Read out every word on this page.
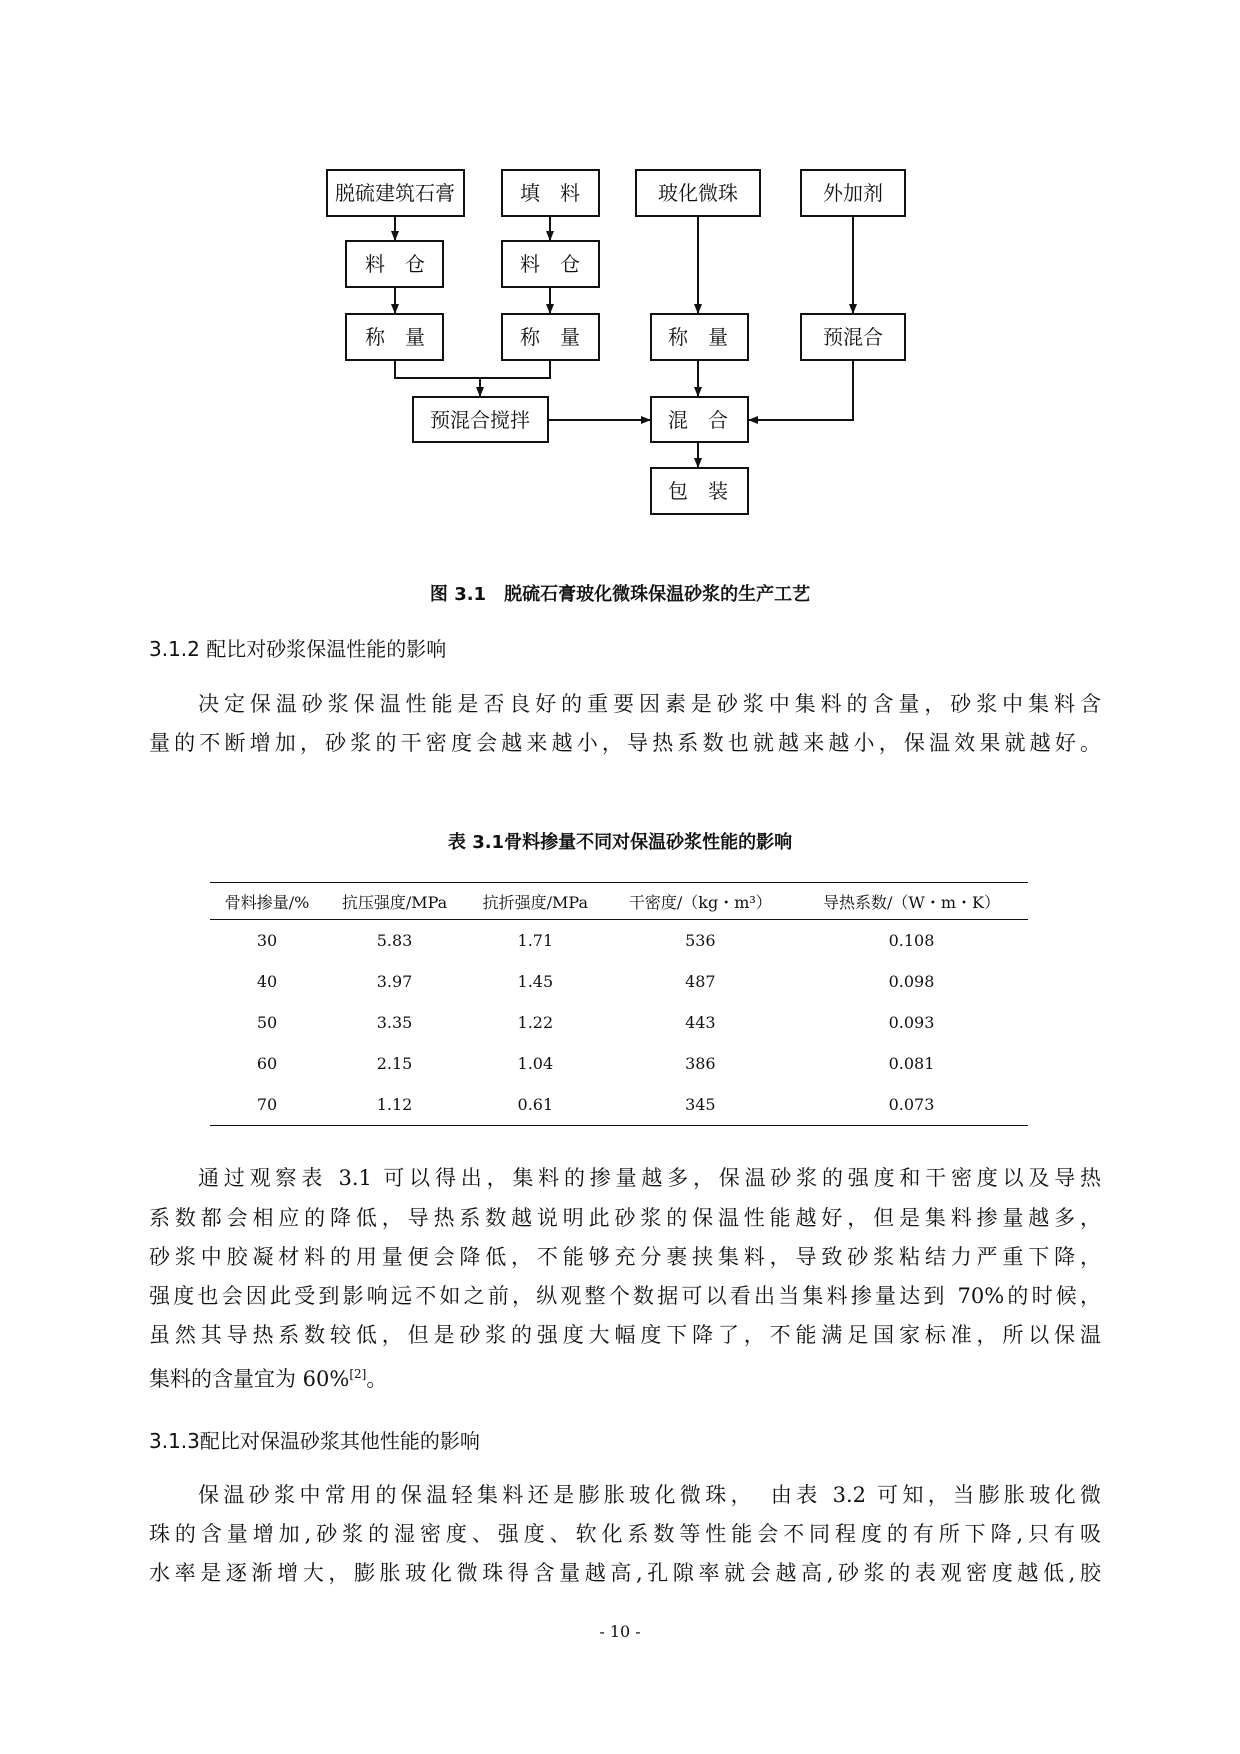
脱硫建筑石膏	填　料	玻化微珠	外加剂
料　仓	料　仓
称　量	称　量	称　量	预混合
预混合搅拌	混　合
包　装
图 3.1　脱硫石膏玻化微珠保温砂浆的生产工艺
3.1.2 配比对砂浆保温性能的影响
决定保温砂浆保温性能是否良好的重要因素是砂浆中集料的含量，砂浆中集料含
量的不断增加，砂浆的干密度会越来越小，导热系数也就越来越小，保温效果就越好。
表 3.1骨料掺量不同对保温砂浆性能的影响
骨料掺量/%	抗压强度/MPa	抗折强度/MPa	干密度/（kg・m³）	导热系数/（W・m・K）
30	5.83	1.71	536	0.108
40	3.97	1.45	487	0.098
50	3.35	1.22	443	0.093
60	2.15	1.04	386	0.081
70	1.12	0.61	345	0.073
通过观察表 3.1 可以得出，集料的掺量越多，保温砂浆的强度和干密度以及导热
系数都会相应的降低，导热系数越说明此砂浆的保温性能越好，但是集料掺量越多，
砂浆中胶凝材料的用量便会降低，不能够充分裹挟集料，导致砂浆粘结力严重下降，
强度也会因此受到影响远不如之前，纵观整个数据可以看出当集料掺量达到 70%的时候，
虽然其导热系数较低，但是砂浆的强度大幅度下降了，不能满足国家标准，所以保温
集料的含量宜为 60%[2]。
3.1.3配比对保温砂浆其他性能的影响
保温砂浆中常用的保温轻集料还是膨胀玻化微珠，　由表 3.2 可知，当膨胀玻化微
珠的含量增加,砂浆的湿密度、强度、软化系数等性能会不同程度的有所下降,只有吸
水率是逐渐增大，膨胀玻化微珠得含量越高,孔隙率就会越高,砂浆的表观密度越低,胶
- 10 -
